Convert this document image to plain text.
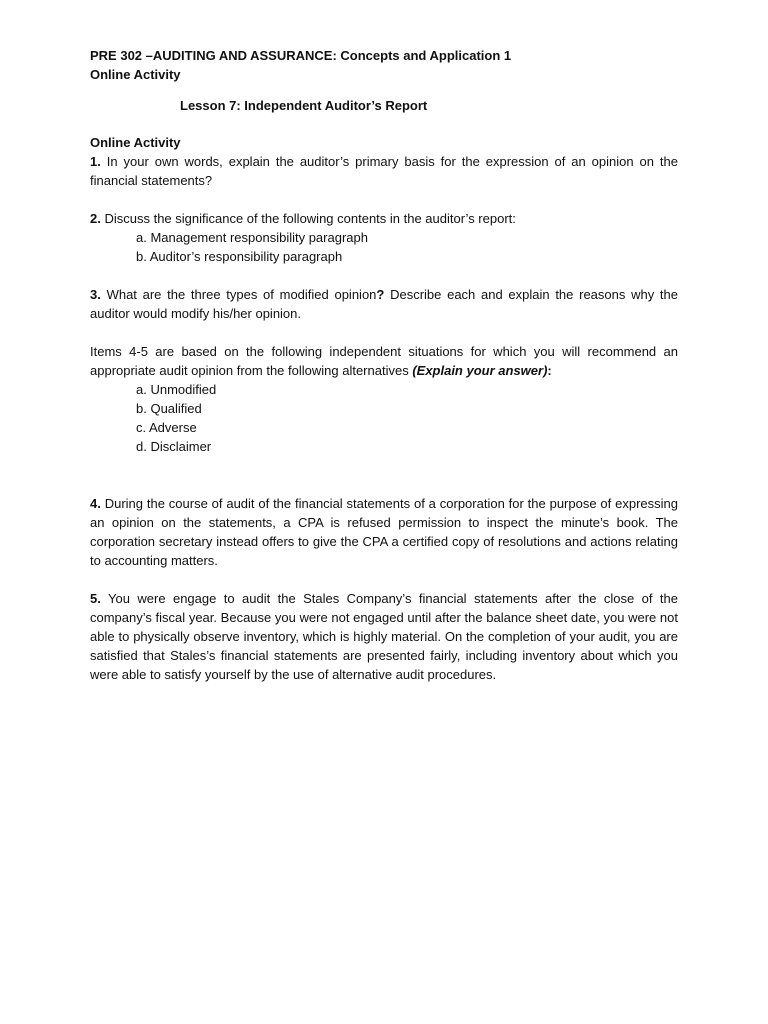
PRE 302 –AUDITING AND ASSURANCE: Concepts and Application 1
Online Activity
Lesson 7: Independent Auditor’s Report
Online Activity

1. In your own words, explain the auditor’s primary basis for the expression of an opinion on the financial statements?

2. Discuss the significance of the following contents in the auditor’s report:

a. Management responsibility paragraph
b. Auditor’s responsibility paragraph

3. What are the three types of modified opinion? Describe each and explain the reasons why the auditor would modify his/her opinion.

Items 4-5 are based on the following independent situations for which you will recommend an appropriate audit opinion from the following alternatives (Explain your answer):

a. Unmodified
b. Qualified
c. Adverse
d. Disclaimer

4. During the course of audit of the financial statements of a corporation for the purpose of expressing an opinion on the statements, a CPA is refused permission to inspect the minute’s book. The corporation secretary instead offers to give the CPA a certified copy of resolutions and actions relating to accounting matters.

5. You were engage to audit the Stales Company’s financial statements after the close of the company’s fiscal year. Because you were not engaged until after the balance sheet date, you were not able to physically observe inventory, which is highly material. On the completion of your audit, you are satisfied that Stales’s financial statements are presented fairly, including inventory about which you were able to satisfy yourself by the use of alternative audit procedures.
